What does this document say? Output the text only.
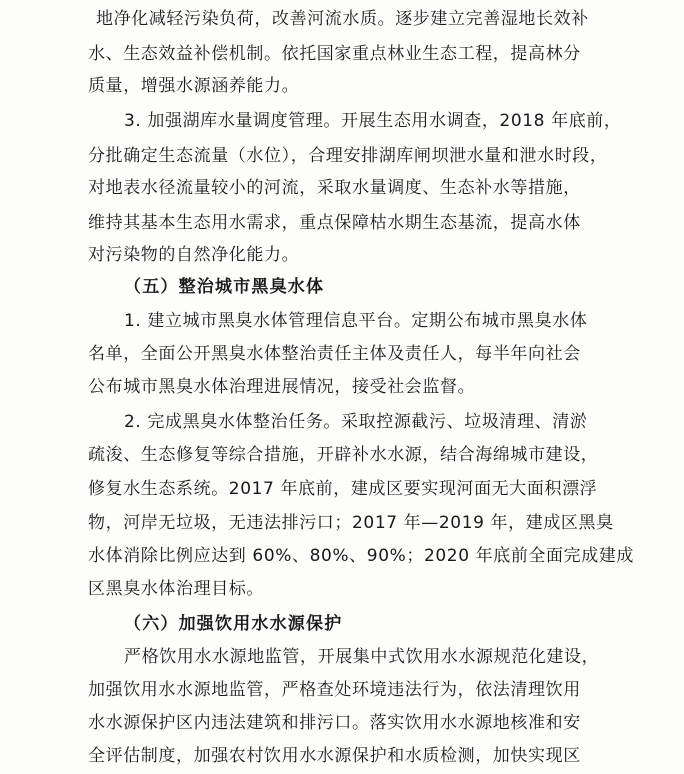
地净化减轻污染负荷，改善河流水质。逐步建立完善湿地长效补
水、生态效益补偿机制。依托国家重点林业生态工程，提高林分
质量，增强水源涵养能力。
3. 加强湖库水量调度管理。开展生态用水调查，2018 年底前，
分批确定生态流量（水位），合理安排湖库闸坝泄水量和泄水时段，
对地表水径流量较小的河流，采取水量调度、生态补水等措施，
维持其基本生态用水需求，重点保障枯水期生态基流，提高水体
对污染物的自然净化能力。
（五）整治城市黑臭水体
1. 建立城市黑臭水体管理信息平台。定期公布城市黑臭水体
名单，全面公开黑臭水体整治责任主体及责任人，每半年向社会
公布城市黑臭水体治理进展情况，接受社会监督。
2. 完成黑臭水体整治任务。采取控源截污、垃圾清理、清淤
疏浚、生态修复等综合措施，开辟补水水源，结合海绵城市建设，
修复水生态系统。2017 年底前，建成区要实现河面无大面积漂浮
物，河岸无垃圾，无违法排污口；2017 年—2019 年，建成区黑臭
水体消除比例应达到 60%、80%、90%；2020 年底前全面完成建成
区黑臭水体治理目标。
（六）加强饮用水水源保护
严格饮用水水源地监管，开展集中式饮用水水源规范化建设，
加强饮用水水源地监管，严格查处环境违法行为，依法清理饮用
水水源保护区内违法建筑和排污口。落实饮用水水源地核准和安
全评估制度，加强农村饮用水水源保护和水质检测，加快实现区
